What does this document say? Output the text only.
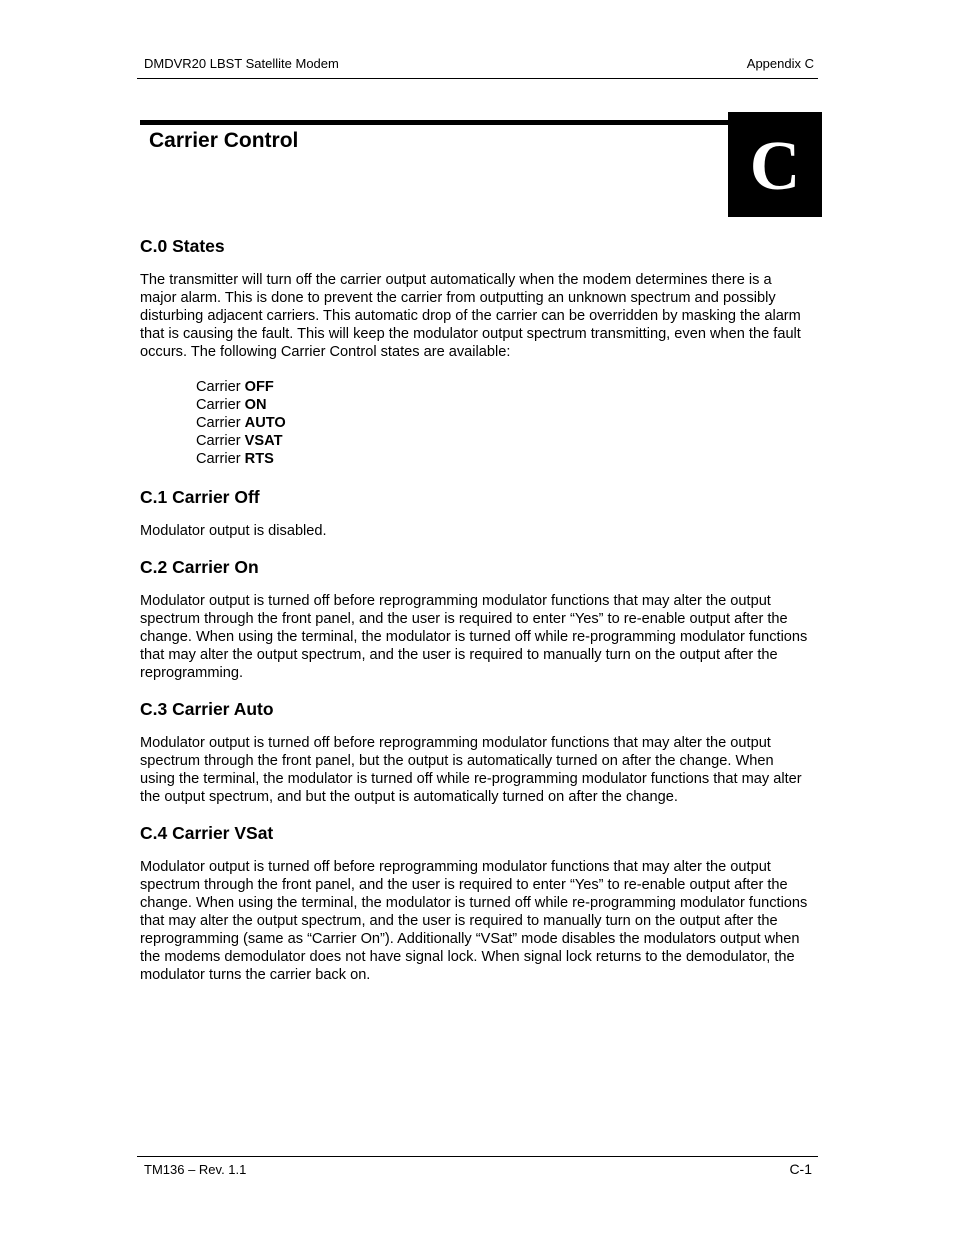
DMDVR20 LBST Satellite Modem	Appendix C
Carrier Control	C
C.0 States

The transmitter will turn off the carrier output automatically when the modem determines there is a major alarm. This is done to prevent the carrier from outputting an unknown spectrum and possibly disturbing adjacent carriers. This automatic drop of the carrier can be overridden by masking the alarm that is causing the fault. This will keep the modulator output spectrum transmitting, even when the fault occurs. The following Carrier Control states are available:

Carrier OFF
Carrier ON
Carrier AUTO
Carrier VSAT
Carrier RTS
C.1 Carrier Off

Modulator output is disabled.

C.2 Carrier On

Modulator output is turned off before reprogramming modulator functions that may alter the output spectrum through the front panel, and the user is required to enter “Yes” to re-enable output after the change. When using the terminal, the modulator is turned off while re-programming modulator functions that may alter the output spectrum, and the user is required to manually turn on the output after the reprogramming.

C.3 Carrier Auto

Modulator output is turned off before reprogramming modulator functions that may alter the output spectrum through the front panel, but the output is automatically turned on after the change. When using the terminal, the modulator is turned off while re-programming modulator functions that may alter the output spectrum, and but the output is automatically turned on after the change.

C.4 Carrier VSat

Modulator output is turned off before reprogramming modulator functions that may alter the output spectrum through the front panel, and the user is required to enter “Yes” to re-enable output after the change. When using the terminal, the modulator is turned off while re-programming modulator functions that may alter the output spectrum, and the user is required to manually turn on the output after the reprogramming (same as “Carrier On”). Additionally “VSat” mode disables the modulators output when the modems demodulator does not have signal lock. When signal lock returns to the demodulator, the modulator turns the carrier back on.

TM136 – Rev. 1.1	C-1
